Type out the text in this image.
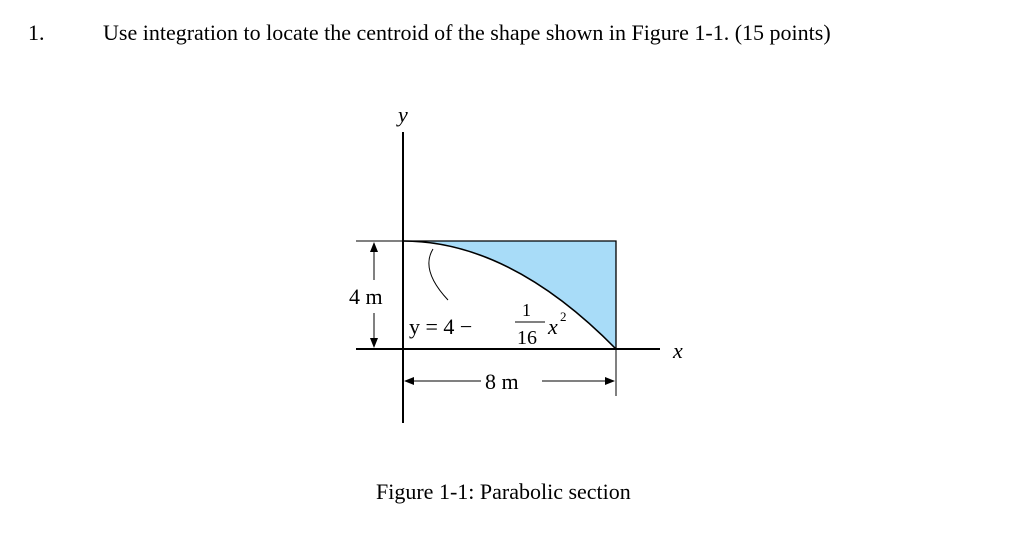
1.	Use integration to locate the centroid of the shape shown in Figure 1-1. (15 points)
y
x
4 m
8 m
y = 4 −
1
16 x 2
Figure 1-1: Parabolic section
